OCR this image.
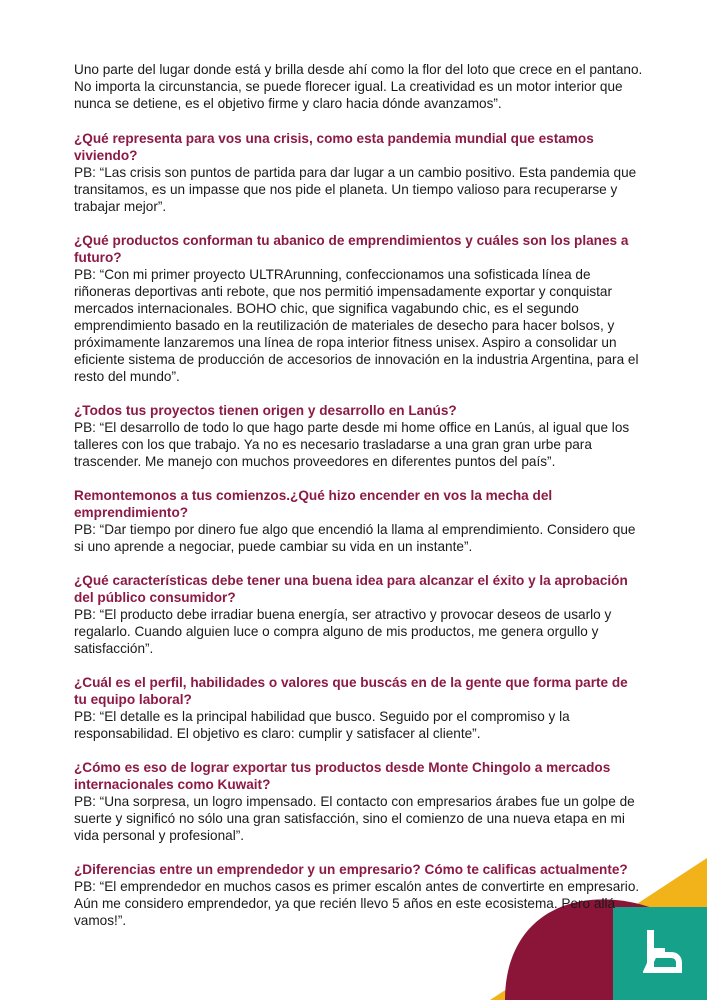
Uno parte del lugar donde está y brilla desde ahí como la flor del loto que crece en el pantano. No importa la circunstancia, se puede florecer igual. La creatividad es un motor interior que nunca se detiene, es el objetivo firme y claro hacia dónde avanzamos”.

¿Qué representa para vos una crisis, como esta pandemia mundial que estamos viviendo?

PB: “Las crisis son puntos de partida para dar lugar a un cambio positivo. Esta pandemia que transitamos, es un impasse que nos pide el planeta. Un tiempo valioso para recuperarse y trabajar mejor”.

¿Qué productos conforman tu abanico de emprendimientos y cuáles son los planes a futuro?

PB: “Con mi primer proyecto ULTRArunning, confeccionamos una sofisticada línea de riñoneras deportivas anti rebote, que nos permitió impensadamente exportar y conquistar mercados internacionales. BOHO chic, que significa vagabundo chic, es el segundo emprendimiento basado en la reutilización de materiales de desecho para hacer bolsos, y próximamente lanzaremos una línea de ropa interior fitness unisex. Aspiro a consolidar un eficiente sistema de producción de accesorios de innovación en la industria Argentina, para el resto del mundo”.

¿Todos tus proyectos tienen origen y desarrollo en Lanús?

PB: “El desarrollo de todo lo que hago parte desde mi home office en Lanús, al igual que los talleres con los que trabajo. Ya no es necesario trasladarse a una gran gran urbe para trascender. Me manejo con muchos proveedores en diferentes puntos del país”.

Remontemonos a tus comienzos.¿Qué hizo encender en vos la mecha del emprendimiento?

PB: “Dar tiempo por dinero fue algo que encendió la llama al emprendimiento. Considero que si uno aprende a negociar, puede cambiar su vida en un instante”.

¿Qué características debe tener una buena idea para alcanzar el éxito y la aprobación del público consumidor?

PB: “El producto debe irradiar buena energía, ser atractivo y provocar deseos de usarlo y regalarlo. Cuando alguien luce o compra alguno de mis productos, me genera orgullo y satisfacción”.

¿Cuál es el perfil, habilidades o valores que buscás en de la gente que forma parte de tu equipo laboral?

PB: “El detalle es la principal habilidad que busco. Seguido por el compromiso y la responsabilidad. El objetivo es claro: cumplir y satisfacer al cliente”.

¿Cómo es eso de lograr exportar tus productos desde Monte Chingolo a mercados internacionales como Kuwait?

PB: “Una sorpresa, un logro impensado. El contacto con empresarios árabes fue un golpe de suerte y significó no sólo una gran satisfacción, sino el comienzo de una nueva etapa en mi vida personal y profesional”.

¿Diferencias entre un emprendedor y un empresario? Cómo te calificas actualmente?

PB: “El emprendedor en muchos casos es primer escalón antes de convertirte en empresario. Aún me considero emprendedor, ya que recién llevo 5 años en este ecosistema. Pero allá vamos!”.
